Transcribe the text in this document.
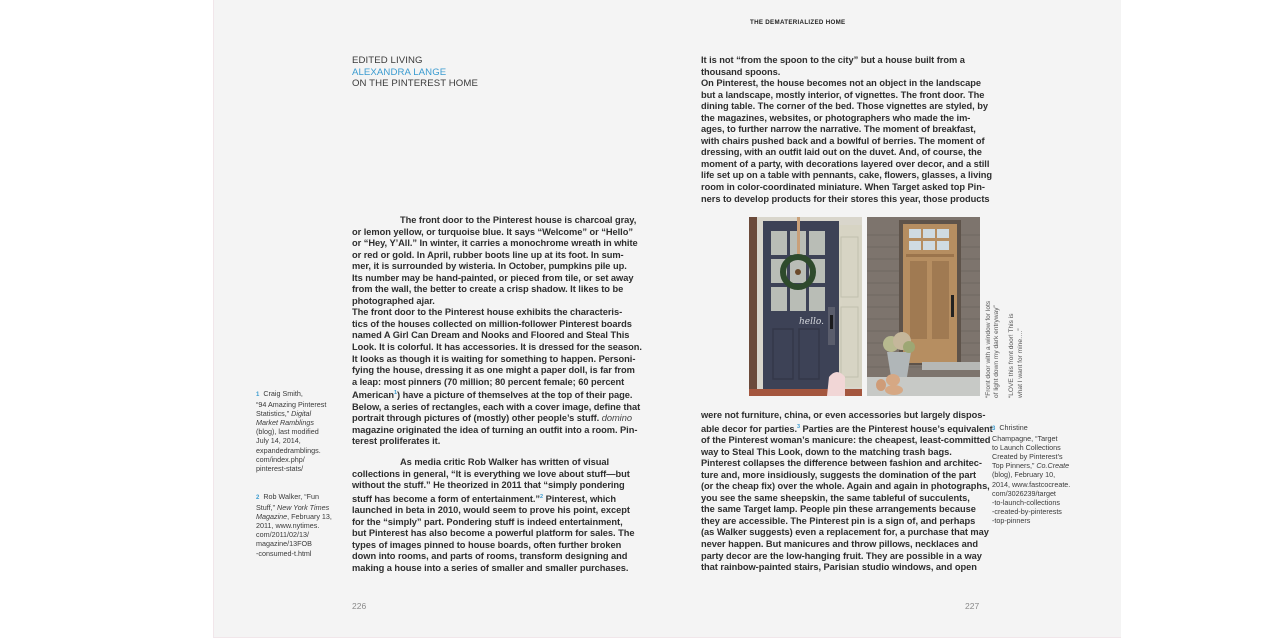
THE DEMATERIALIZED HOME
EDITED LIVING
ALEXANDRA LANGE
ON THE PINTEREST HOME

The front door to the Pinterest house is charcoal gray,

or lemon yellow, or turquoise blue. It says “Welcome” or “Hello”

or “Hey, Y’All.” In winter, it carries a monochrome wreath in white

or red or gold. In April, rubber boots line up at its foot. In sum-

mer, it is surrounded by wisteria. In October, pumpkins pile up.

Its number may be hand-painted, or pieced from tile, or set away

from the wall, the better to create a crisp shadow. It likes to be

photographed ajar.

The front door to the Pinterest house exhibits the characteris-

tics of the houses collected on million-follower Pinterest boards

named A Girl Can Dream and Nooks and Floored and Steal This

Look. It is colorful. It has accessories. It is dressed for the season.

It looks as though it is waiting for something to happen. Personi-

fying the house, dressing it as one might a paper doll, is far from

a leap: most pinners (70 million; 80 percent female; 60 percent

American$^1$) have a picture of themselves at the top of their page.

Below, a series of rectangles, each with a cover image, define that

portrait through pictures of (mostly) other people’s stuff. domino

magazine originated the idea of turning an outfit into a room. Pin-

terest proliferates it.

As media critic Rob Walker has written of visual

collections in general, “It is everything we love about stuff—but

without the stuff.” He theorized in 2011 that “simply pondering

stuff has become a form of entertainment.”$^2$ Pinterest, which

launched in beta in 2010, would seem to prove his point, except

for the “simply” part. Pondering stuff is indeed entertainment,

but Pinterest has also become a powerful platform for sales. The

types of images pinned to house boards, often further broken

down into rooms, and parts of rooms, transform designing and

making a house into a series of smaller and smaller purchases.

1 Craig Smith,

“94 Amazing Pinterest

Statistics,” Digital

Market Ramblings

(blog), last modified

July 14, 2014,

expandedramblings.

com/index.php/

pinterest-stats/

2 Rob Walker, “Fun

Stuff,” New York Times

Magazine, February 13,

2011, www.nytimes.

com/2011/02/13/

magazine/13FOB

-consumed-t.html

3 Christine

Champagne, “Target

to Launch Collections

Created by Pinterest’s

Top Pinners,” Co.Create

(blog), February 10,

2014, www.fastcocreate.

com/3026239/target

-to-launch-collections

-created-by-pinterests

-top-pinners

226	227

It is not “from the spoon to the city” but a house built from a

thousand spoons.

On Pinterest, the house becomes not an object in the landscape

but a landscape, mostly interior, of vignettes. The front door. The

dining table. The corner of the bed. Those vignettes are styled, by

the magazines, websites, or photographers who made the im-

ages, to further narrow the narrative. The moment of breakfast,

with chairs pushed back and a bowlful of berries. The moment of

dressing, with an outfit laid out on the duvet. And, of course, the

moment of a party, with decorations layered over decor, and a still

life set up on a table with pennants, cake, flowers, glasses, a living

room in color-coordinated miniature. When Target asked top Pin-

ners to develop products for their stores this year, those products

hello.	“Front door with a window for lots
of light down my dark entryway” “LOVE this front door! This is
what I want for mine….”

were not furniture, china, or even accessories but largely dispos-

able decor for parties.$^3$ Parties are the Pinterest house’s equivalent

of the Pinterest woman’s manicure: the cheapest, least-committed

way to Steal This Look, down to the matching trash bags.

Pinterest collapses the difference between fashion and architec-

ture and, more insidiously, suggests the domination of the part

(or the cheap fix) over the whole. Again and again in photographs,

you see the same sheepskin, the same tableful of succulents,

the same Target lamp. People pin these arrangements because

they are accessible. The Pinterest pin is a sign of, and perhaps

(as Walker suggests) even a replacement for, a purchase that may

never happen. But manicures and throw pillows, necklaces and

party decor are the low-hanging fruit. They are possible in a way

that rainbow-painted stairs, Parisian studio windows, and open
